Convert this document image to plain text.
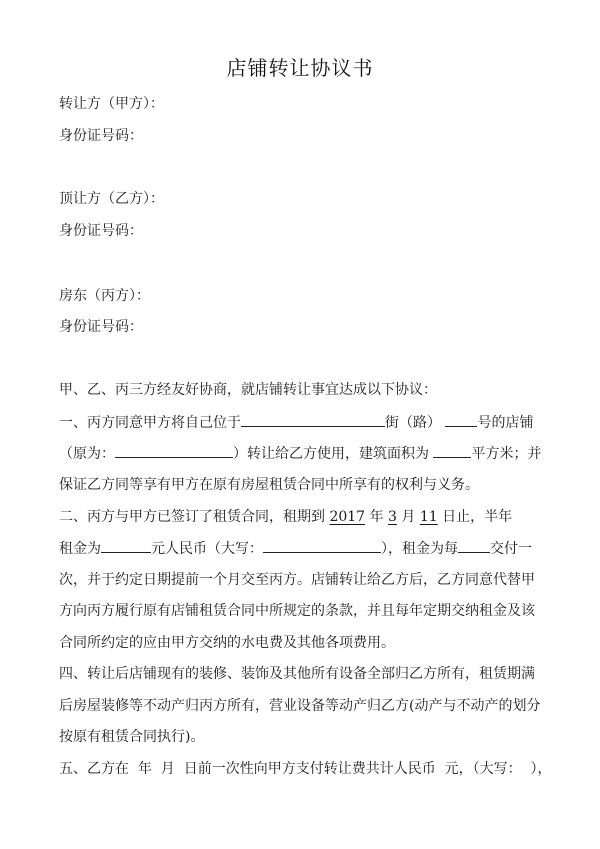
店铺转让协议书
转让方（甲方）：
身份证号码：
顶让方（乙方）：
身份证号码：
房东（丙方）：
身份证号码：
甲、乙、丙三方经友好协商，就店铺转让事宜达成以下协议：
一、丙方同意甲方将自己位于	街（路）	号的店铺
（原为：	）转让给乙方使用，建筑面积为	平方米；并
保证乙方同等享有甲方在原有房屋租赁合同中所享有的权利与义务。
二、丙方与甲方已签订了租赁合同，租期到 2017 年 3 月 11 日止，半年
租金为	元人民币（大写：	），租金为每 交付一
次，并于约定日期提前一个月交至丙方。店铺转让给乙方后，乙方同意代替甲
方向丙方履行原有店铺租赁合同中所规定的条款，并且每年定期交纳租金及该
合同所约定的应由甲方交纳的水电费及其他各项费用。
四、转让后店铺现有的装修、装饰及其他所有设备全部归乙方所有，租赁期满
后房屋装修等不动产归丙方所有，营业设备等动产归乙方(动产与不动产的划分
按原有租赁合同执行)。
五、乙方在  年  月  日前一次性向甲方支付转让费共计人民币  元，（大写：  ），
